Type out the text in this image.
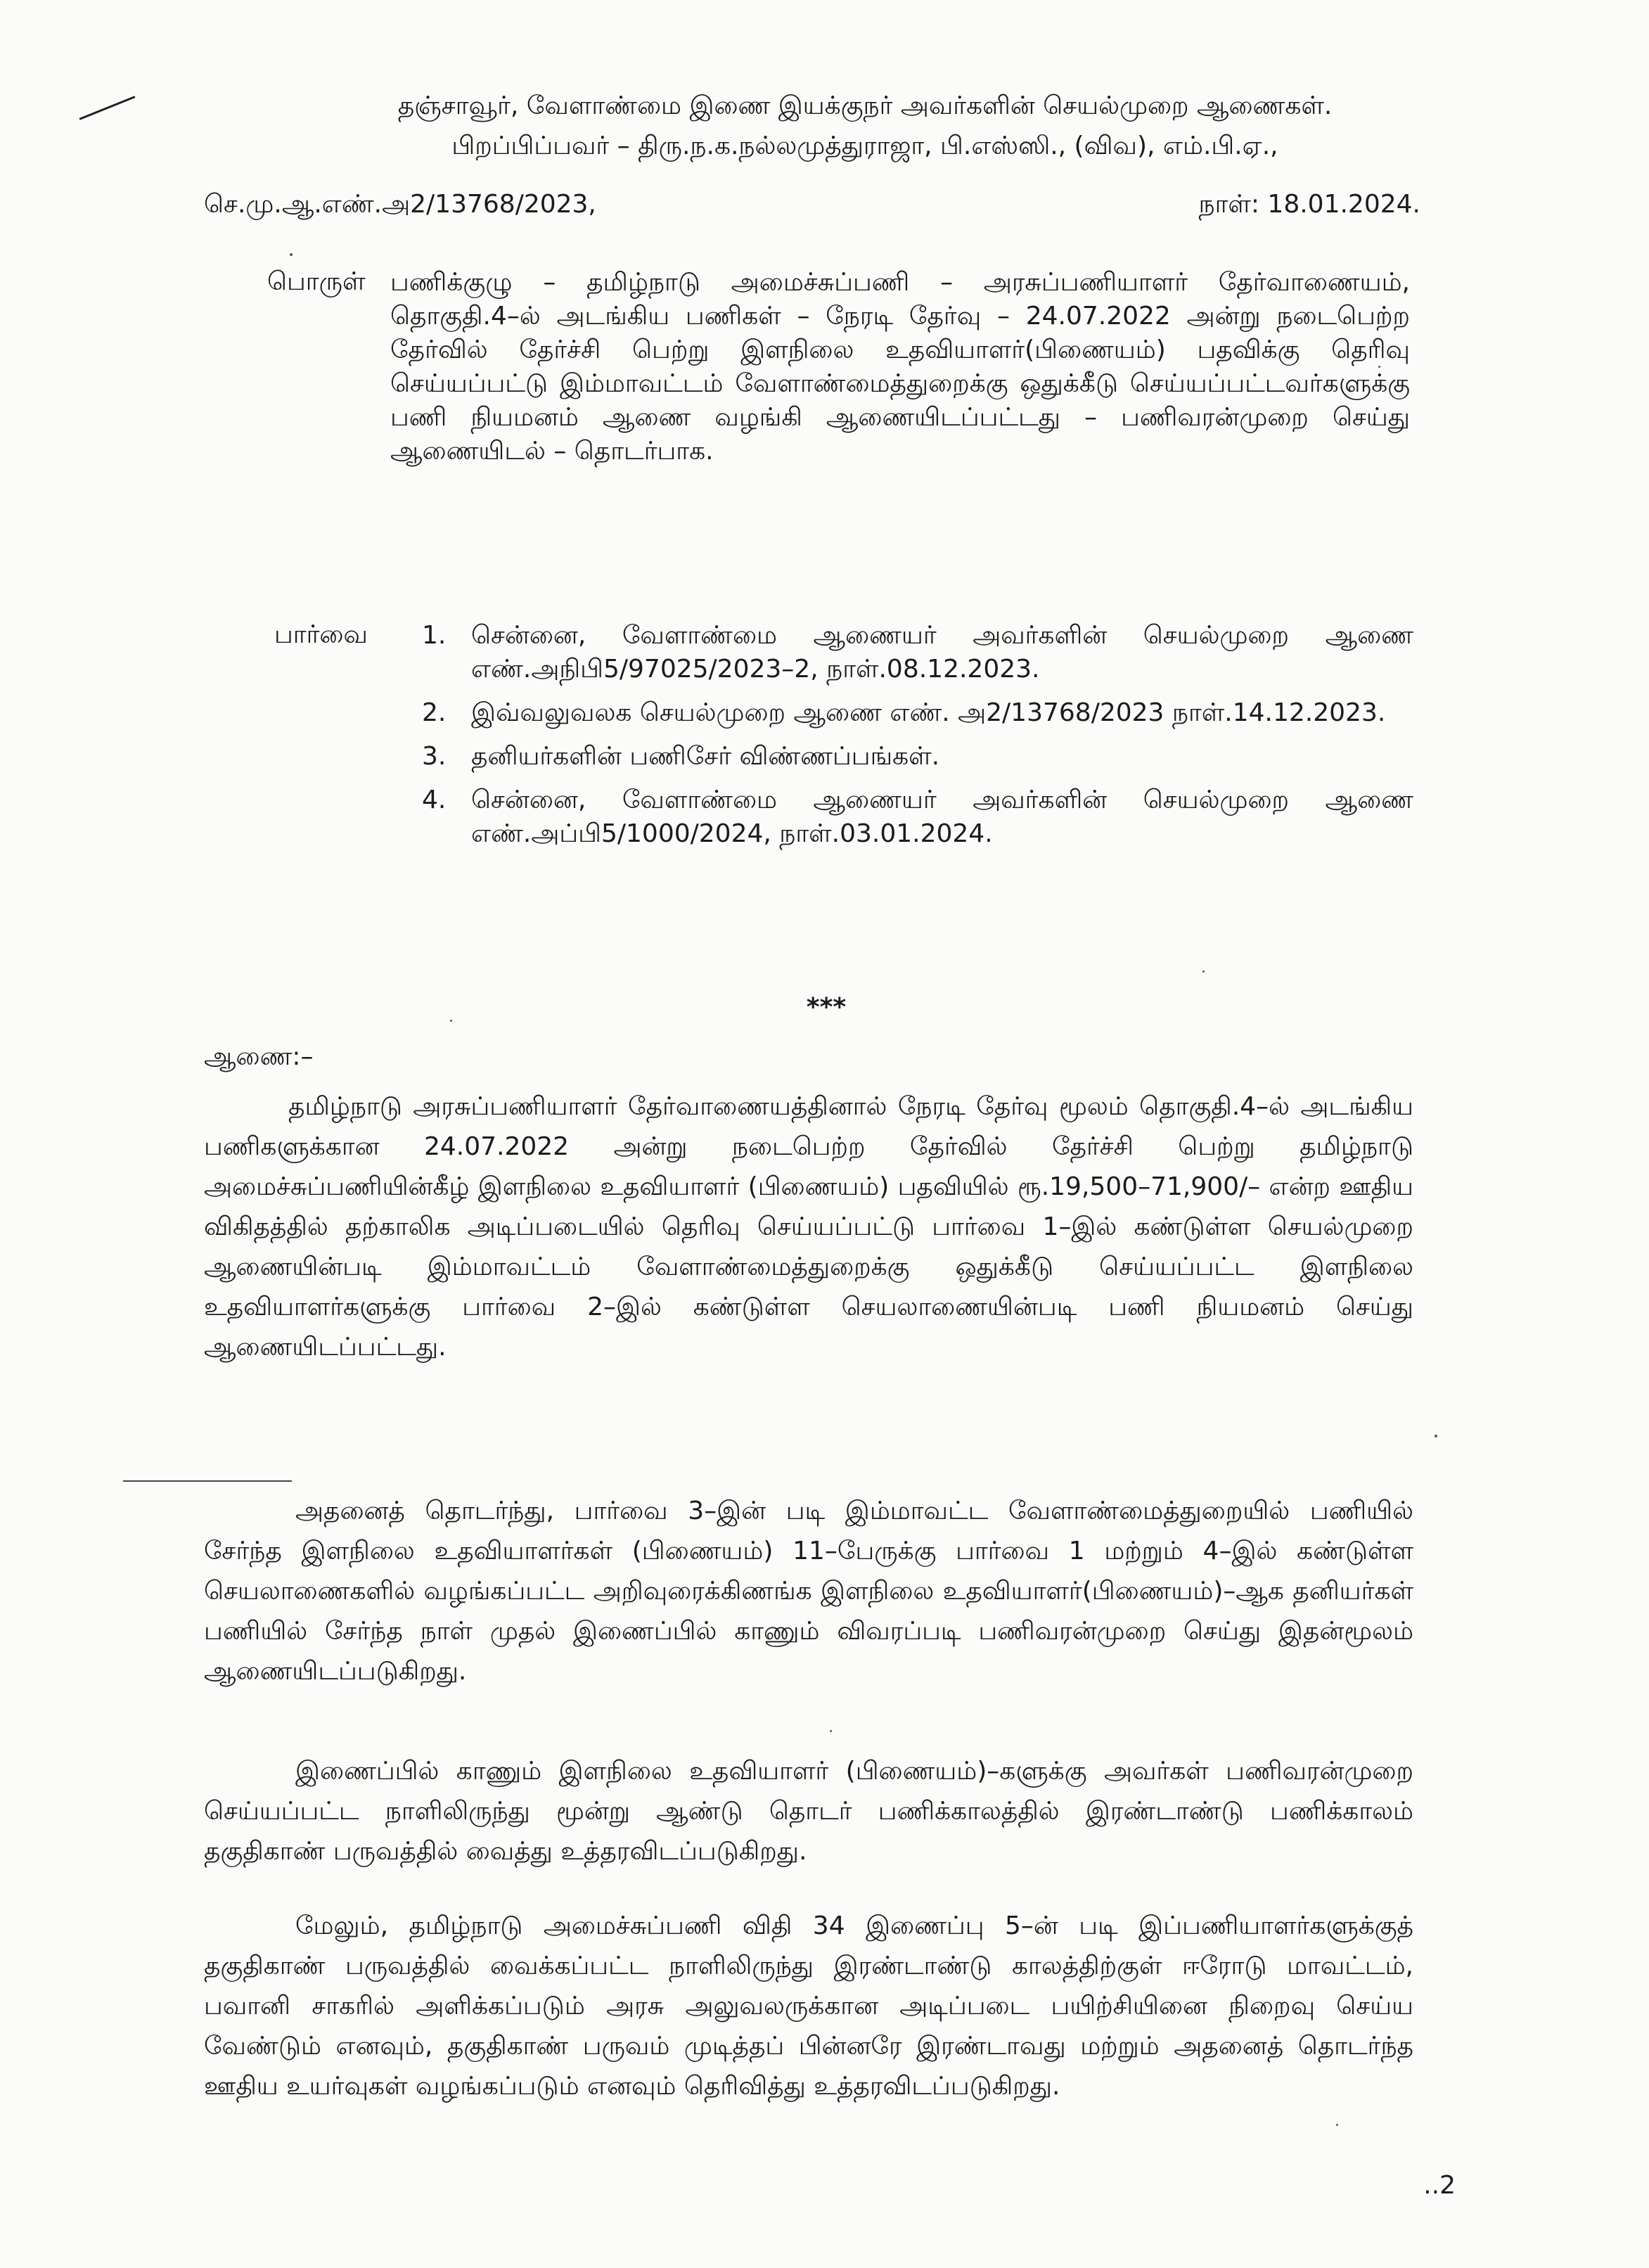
தஞ்சாவூர், வேளாண்மை இணை இயக்குநர் அவர்களின் செயல்முறை ஆணைகள்.
பிறப்பிப்பவர் – திரு.ந.க.நல்லமுத்துராஜா, பி.எஸ்ஸி., (விவ), எம்.பி.ஏ.,
செ.மு.ஆ.எண்.அ2/13768/2023,	நாள்: 18.01.2024.
பொருள் பணிக்குழு – தமிழ்நாடு அமைச்சுப்பணி – அரசுப்பணியாளர் தேர்வாணையம், தொகுதி.4–ல் அடங்கிய பணிகள் – நேரடி தேர்வு – 24.07.2022 அன்று நடைபெற்ற தேர்வில் தேர்ச்சி பெற்று இளநிலை உதவியாளர்(பிணையம்) பதவிக்கு தெரிவு செய்யப்பட்டு இம்மாவட்டம் வேளாண்மைத்துறைக்கு ஒதுக்கீடு செய்யப்பட்டவர்களுக்கு பணி நியமனம் ஆணை வழங்கி ஆணையிடப்பட்டது – பணிவரன்முறை செய்து ஆணையிடல் – தொடர்பாக.
பார்வை	1. சென்னை, வேளாண்மை ஆணையர் அவர்களின் செயல்முறை ஆணை எண்.அநிபி5/97025/2023–2, நாள்.08.12.2023.
2. இவ்வலுவலக செயல்முறை ஆணை எண். அ2/13768/2023 நாள்.14.12.2023.
3. தனியர்களின் பணிசேர் விண்ணப்பங்கள்.
4. சென்னை, வேளாண்மை ஆணையர் அவர்களின் செயல்முறை ஆணை எண்.அப்பி5/1000/2024, நாள்.03.01.2024.
***
ஆணை:–
தமிழ்நாடு அரசுப்பணியாளர் தேர்வாணையத்தினால் நேரடி தேர்வு மூலம் தொகுதி.4–ல் அடங்கிய பணிகளுக்கான 24.07.2022 அன்று நடைபெற்ற தேர்வில் தேர்ச்சி பெற்று தமிழ்நாடு அமைச்சுப்பணியின்கீழ் இளநிலை உதவியாளர் (பிணையம்) பதவியில் ரூ.19,500–71,900/– என்ற ஊதிய விகிதத்தில் தற்காலிக அடிப்படையில் தெரிவு செய்யப்பட்டு பார்வை 1–இல் கண்டுள்ள செயல்முறை ஆணையின்படி இம்மாவட்டம் வேளாண்மைத்துறைக்கு ஒதுக்கீடு செய்யப்பட்ட இளநிலை உதவியாளர்களுக்கு பார்வை 2–இல் கண்டுள்ள செயலாணையின்படி பணி நியமனம் செய்து ஆணையிடப்பட்டது.
அதனைத் தொடர்ந்து, பார்வை 3–இன் படி இம்மாவட்ட வேளாண்மைத்துறையில் பணியில் சேர்ந்த இளநிலை உதவியாளர்கள் (பிணையம்) 11–பேருக்கு பார்வை 1 மற்றும் 4–இல் கண்டுள்ள செயலாணைகளில் வழங்கப்பட்ட அறிவுரைக்கிணங்க இளநிலை உதவியாளர்(பிணையம்)–ஆக தனியர்கள் பணியில் சேர்ந்த நாள் முதல் இணைப்பில் காணும் விவரப்படி பணிவரன்முறை செய்து இதன்மூலம் ஆணையிடப்படுகிறது.
இணைப்பில் காணும் இளநிலை உதவியாளர் (பிணையம்)–களுக்கு அவர்கள் பணிவரன்முறை செய்யப்பட்ட நாளிலிருந்து மூன்று ஆண்டு தொடர் பணிக்காலத்தில் இரண்டாண்டு பணிக்காலம் தகுதிகாண் பருவத்தில் வைத்து உத்தரவிடப்படுகிறது.
மேலும், தமிழ்நாடு அமைச்சுப்பணி விதி 34 இணைப்பு 5–ன் படி இப்பணியாளர்களுக்குத் தகுதிகாண் பருவத்தில் வைக்கப்பட்ட நாளிலிருந்து இரண்டாண்டு காலத்திற்குள் ஈரோடு மாவட்டம், பவானி சாகரில் அளிக்கப்படும் அரசு அலுவலருக்கான அடிப்படை பயிற்சியினை நிறைவு செய்ய வேண்டும் எனவும், தகுதிகாண் பருவம் முடித்தப் பின்னரே இரண்டாவது மற்றும் அதனைத் தொடர்ந்த ஊதிய உயர்வுகள் வழங்கப்படும் எனவும் தெரிவித்து உத்தரவிடப்படுகிறது.
..2
